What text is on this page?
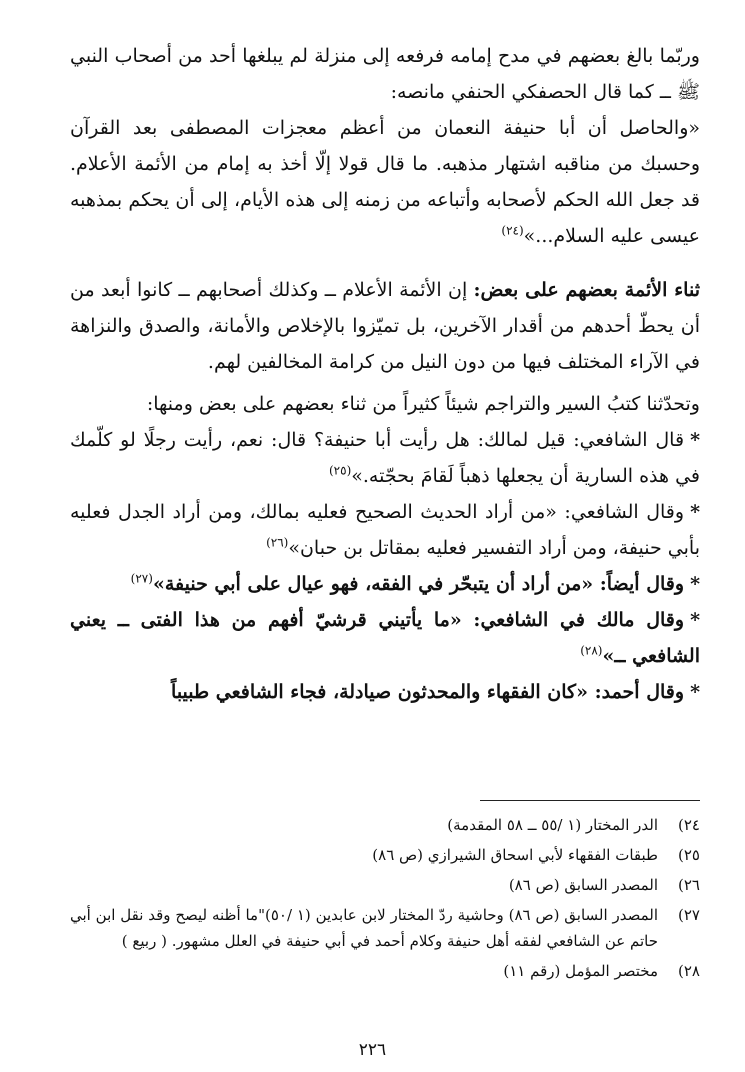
وربّما بالغ بعضهم في مدح إمامه فرفعه إلى منزلة لم يبلغها أحد من أصحاب النبي ﷺ ــ كما قال الحصفكي الحنفي مانصه:

«والحاصل أن أبا حنيفة النعمان من أعظم معجزات المصطفى بعد القرآن وحسبك من مناقبه اشتهار مذهبه. ما قال قولا إلّا أخذ به إمام من الأئمة الأعلام. قد جعل الله الحكم لأصحابه وأتباعه من زمنه إلى هذه الأيام، إلى أن يحكم بمذهبه عيسى عليه السلام...»$^{(٢٤)}$

ثناء الأئمة بعضهم على بعض: إن الأئمة الأعلام ــ وكذلك أصحابهم ــ كانوا أبعد من أن يحطّ أحدهم من أقدار الآخرين، بل تميّزوا بالإخلاص والأمانة، والصدق والنزاهة في الآراء المختلف فيها من دون النيل من كرامة المخالفين لهم.

وتحدّثنا كتبُ السير والتراجم شيئاً كثيراً من ثناء بعضهم على بعض ومنها:

*قال الشافعي: قيل لمالك: هل رأيت أبا حنيفة؟ قال: نعم، رأيت رجلًا لو كلّمك في هذه السارية أن يجعلها ذهباً لَقامَ بحجّته.»$^{(٢٥)}$

*وقال الشافعي: «من أراد الحديث الصحيح فعليه بمالك، ومن أراد الجدل فعليه بأبي حنيفة، ومن أراد التفسير فعليه بمقاتل بن حبان»$^{(٢٦)}$

*وقال أيضاً: «من أراد أن يتبحّر في الفقه، فهو عيال على أبي حنيفة»$^{(٢٧)}$

*وقال مالك في الشافعي: «ما يأتيني قرشيّ أفهم من هذا الفتى ــ يعني الشافعي ــ»$^{(٢٨)}$

*وقال أحمد: «كان الفقهاء والمحدثون صيادلة، فجاء الشافعي طبيباً

٢٤)
الدر المختار (١ /٥٥ ــ ٥٨ المقدمة)
٢٥)
طبقات الفقهاء لأبي اسحاق الشيرازي (ص ٨٦)
٢٦)
المصدر السابق (ص ٨٦)
٢٧)
المصدر السابق (ص ٨٦) وحاشية ردّ المختار لابن عابدين (١ /٥٠)"ما أظنه ليصح وقد نقل ابن أبي حاتم عن الشافعي لفقه أهل حنيفة وكلام أحمد في أبي حنيفة في العلل مشهور. ( ربيع )
٢٨)
مختصر المؤمل (رقم ١١)
٢٢٦
